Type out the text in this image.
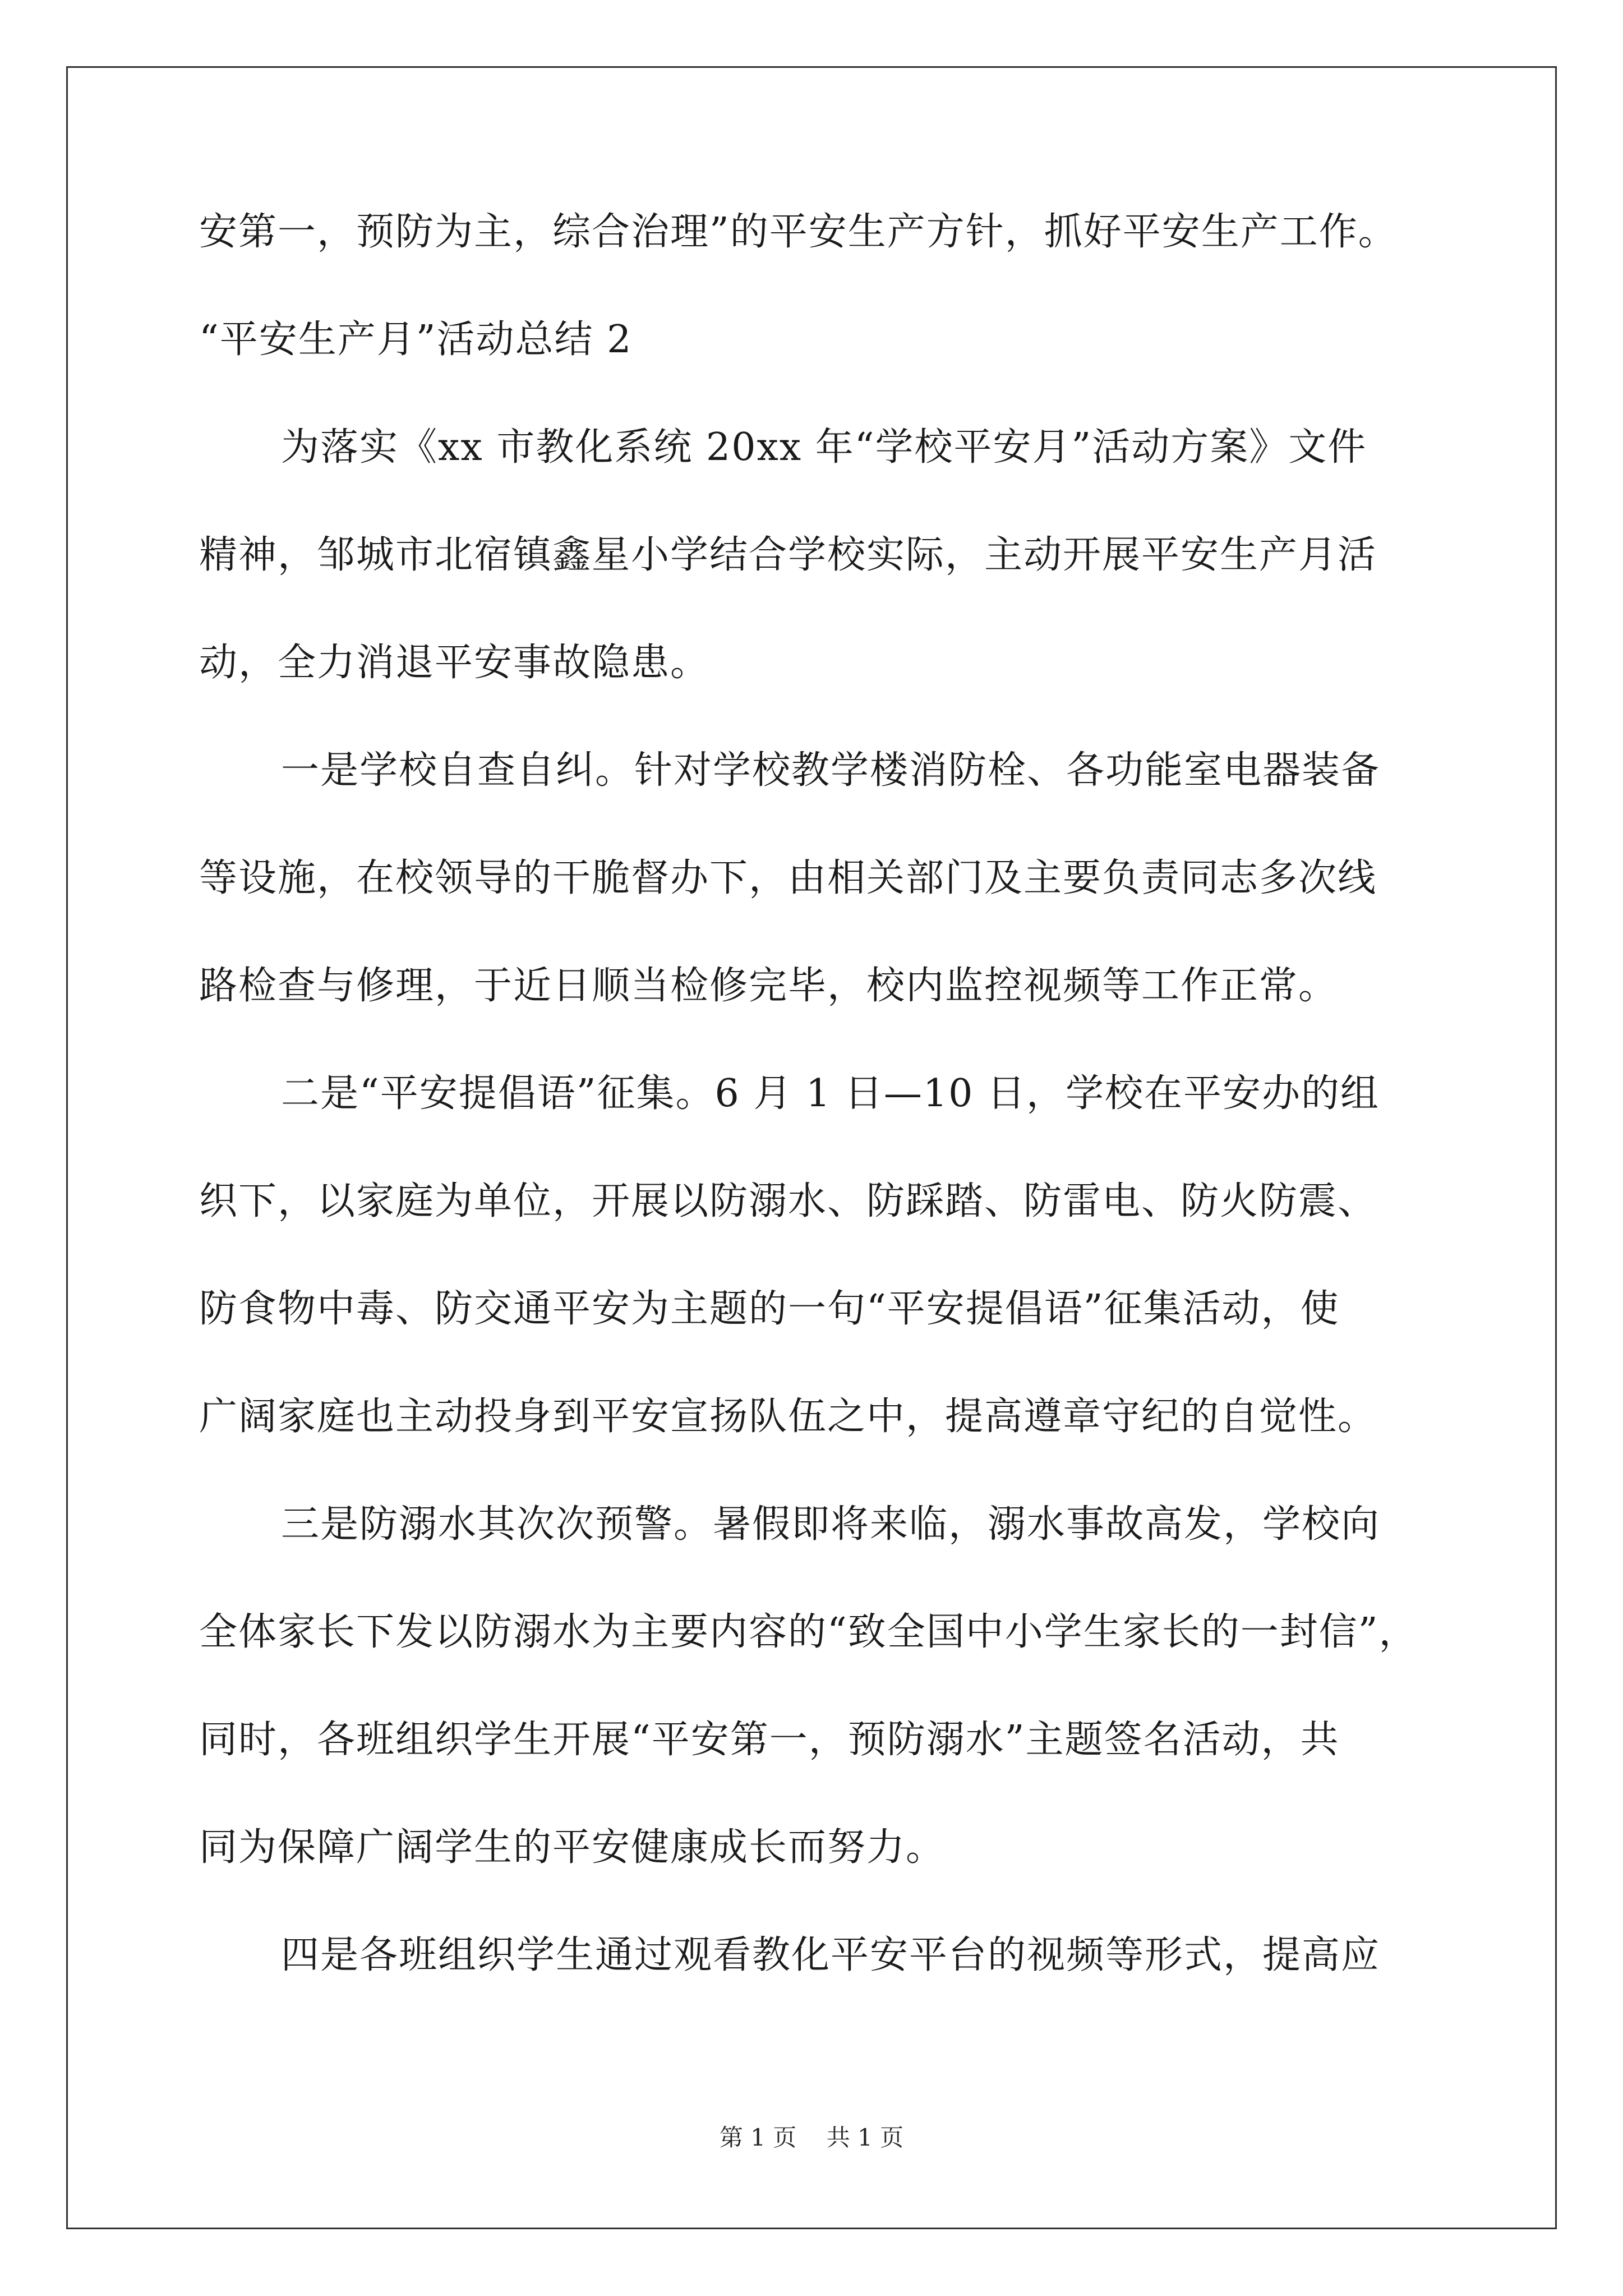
安第一，预防为主，综合治理”的平安生产方针，抓好平安生产工作。
“平安生产月”活动总结 2
为落实《xx 市教化系统 20xx 年“学校平安月”活动方案》文件
精神，邹城市北宿镇鑫星小学结合学校实际，主动开展平安生产月活
动，全力消退平安事故隐患。
一是学校自查自纠。针对学校教学楼消防栓、各功能室电器装备
等设施，在校领导的干脆督办下，由相关部门及主要负责同志多次线
路检查与修理，于近日顺当检修完毕，校内监控视频等工作正常。
二是“平安提倡语”征集。6 月 1 日—10 日，学校在平安办的组
织下，以家庭为单位，开展以防溺水、防踩踏、防雷电、防火防震、
防食物中毒、防交通平安为主题的一句“平安提倡语”征集活动，使
广阔家庭也主动投身到平安宣扬队伍之中，提高遵章守纪的自觉性。
三是防溺水其次次预警。暑假即将来临，溺水事故高发，学校向
全体家长下发以防溺水为主要内容的“致全国中小学生家长的一封信”，
同时，各班组织学生开展“平安第一，预防溺水”主题签名活动，共
同为保障广阔学生的平安健康成长而努力。
四是各班组织学生通过观看教化平安平台的视频等形式，提高应
第 1 页    共 1 页
